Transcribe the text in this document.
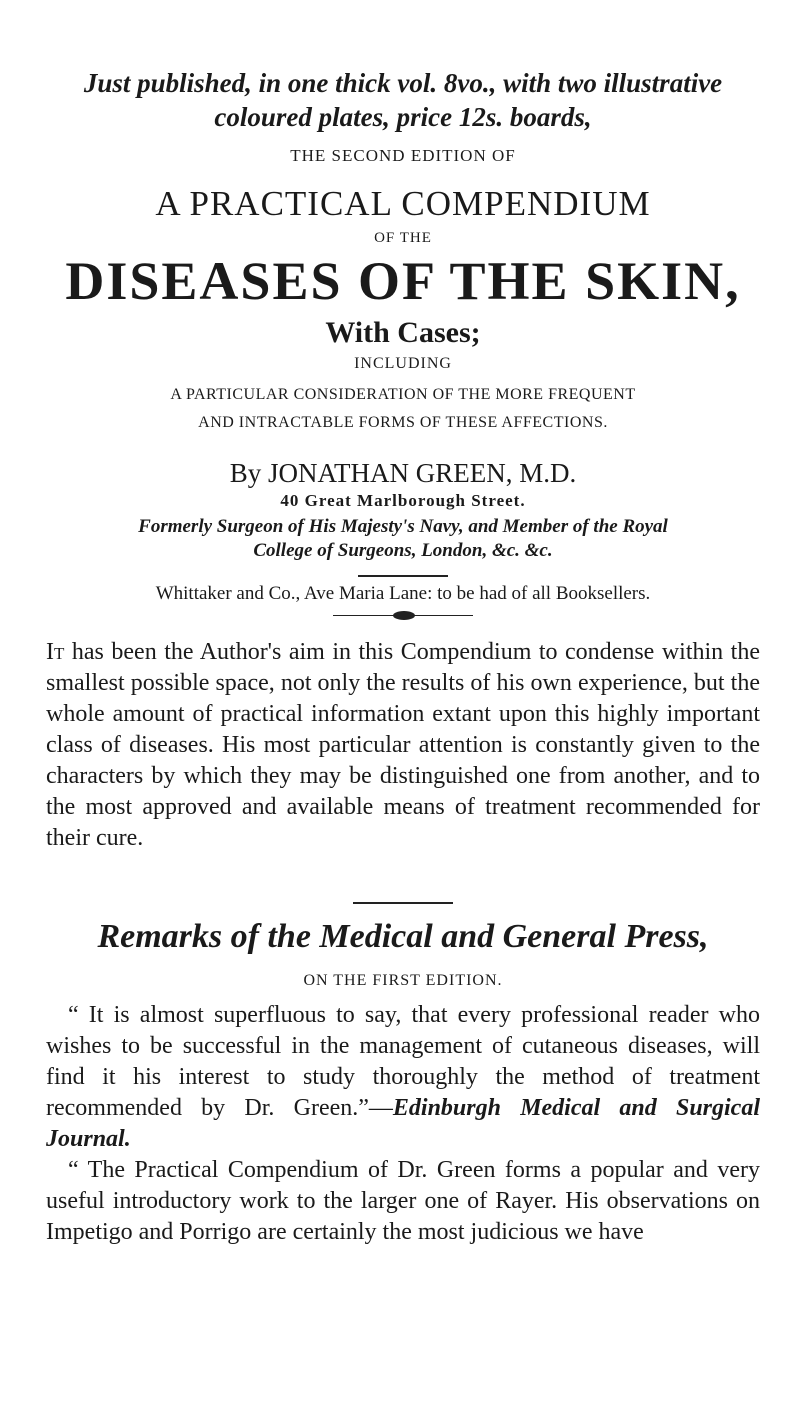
Just published, in one thick vol. 8vo., with two illustrative
coloured plates, price 12s. boards,

THE SECOND EDITION OF

A PRACTICAL COMPENDIUM

OF THE

DISEASES OF THE SKIN,

With Cases;

INCLUDING

A PARTICULAR CONSIDERATION OF THE MORE FREQUENT
AND INTRACTABLE FORMS OF THESE AFFECTIONS.

By JONATHAN GREEN, M.D.

40 Great Marlborough Street.

Formerly Surgeon of His Majesty's Navy, and Member of the Royal
College of Surgeons, London, &c. &c.

Whittaker and Co., Ave Maria Lane: to be had of all Booksellers.

It has been the Author's aim in this Compendium to condense within the smallest possible space, not only the results of his own experience, but the whole amount of practical information extant upon this highly important class of diseases. His most particular attention is constantly given to the characters by which they may be distinguished one from another, and to the most approved and available means of treatment recommended for their cure.

Remarks of the Medical and General Press,

ON THE FIRST EDITION.

“ It is almost superfluous to say, that every professional reader who wishes to be successful in the management of cutaneous diseases, will find it his interest to study thoroughly the method of treatment recommended by Dr. Green.”—Edinburgh Medical and Surgical Journal.

“ The Practical Compendium of Dr. Green forms a popular and very useful introductory work to the larger one of Rayer. His observations on Impetigo and Porrigo are certainly the most judicious we have
